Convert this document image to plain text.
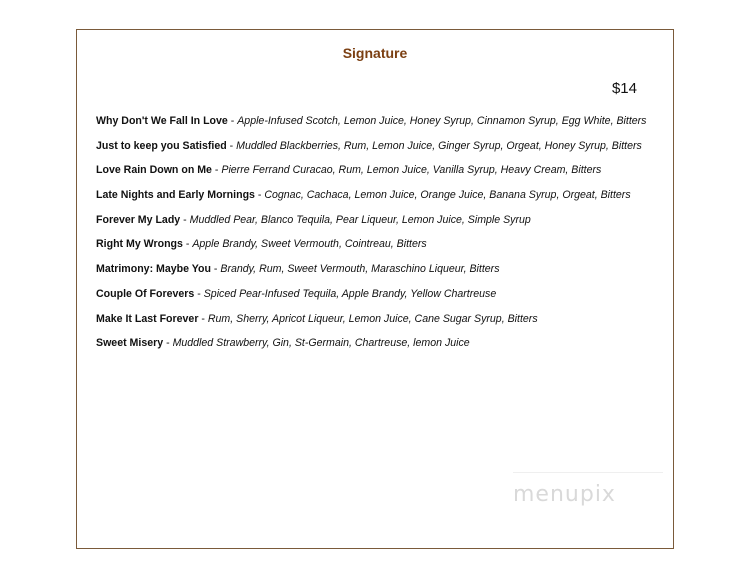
Signature
$14
Why Don't We Fall In Love - Apple-Infused Scotch, Lemon Juice, Honey Syrup, Cinnamon Syrup, Egg White, Bitters
Just to keep you Satisfied - Muddled Blackberries, Rum, Lemon Juice, Ginger Syrup, Orgeat, Honey Syrup, Bitters
Love Rain Down on Me - Pierre Ferrand Curacao, Rum, Lemon Juice, Vanilla Syrup, Heavy Cream, Bitters
Late Nights and Early Mornings - Cognac, Cachaca, Lemon Juice, Orange Juice, Banana Syrup, Orgeat, Bitters
Forever My Lady - Muddled Pear, Blanco Tequila, Pear Liqueur, Lemon Juice, Simple Syrup
Right My Wrongs - Apple Brandy, Sweet Vermouth, Cointreau, Bitters
Matrimony: Maybe You - Brandy, Rum, Sweet Vermouth, Maraschino Liqueur, Bitters
Couple Of Forevers - Spiced Pear-Infused Tequila, Apple Brandy, Yellow Chartreuse
Make It Last Forever - Rum, Sherry, Apricot Liqueur, Lemon Juice, Cane Sugar Syrup, Bitters
Sweet Misery - Muddled Strawberry, Gin, St-Germain, Chartreuse, lemon Juice
menupix
